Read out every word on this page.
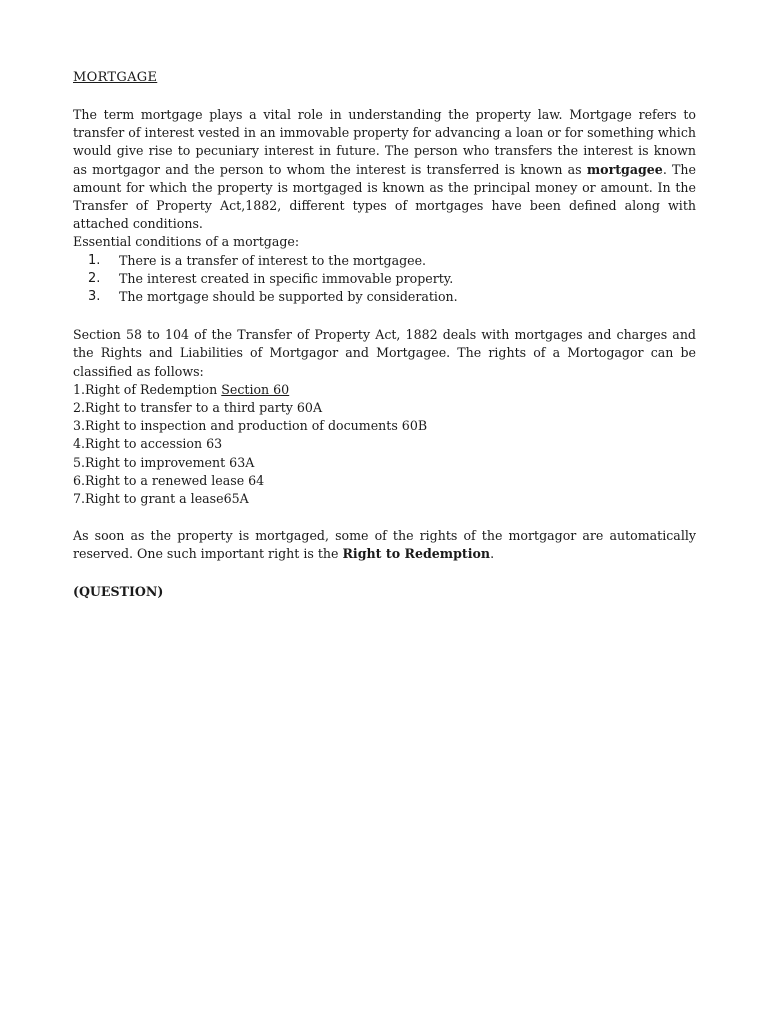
MORTGAGE

The term mortgage plays a vital role in understanding the property law. Mortgage refers to transfer of interest vested in an immovable property for advancing a loan or for something which would give rise to pecuniary interest in future. The person who transfers the interest is known as mortgagor and the person to whom the interest is transferred is known as mortgagee. The amount for which the property is mortgaged is known as the principal money or amount. In the Transfer of Property Act,1882, different types of mortgages have been defined along with attached conditions.

Essential conditions of a mortgage:

1. There is a transfer of interest to the mortgagee.
2. The interest created in specific immovable property.
3. The mortgage should be supported by consideration.

Section 58 to 104 of the Transfer of Property Act, 1882 deals with mortgages and charges and the Rights and Liabilities of Mortgagor and Mortgagee. The rights of a Mortogagor can be classified as follows:

1.Right of Redemption Section 60
2.Right to transfer to a third party 60A
3.Right to inspection and production of documents 60B
4.Right to accession 63
5.Right to improvement 63A
6.Right to a renewed lease 64
7.Right to grant a lease65A

As soon as the property is mortgaged, some of the rights of the mortgagor are automatically reserved. One such important right is the Right to Redemption.

(QUESTION)
